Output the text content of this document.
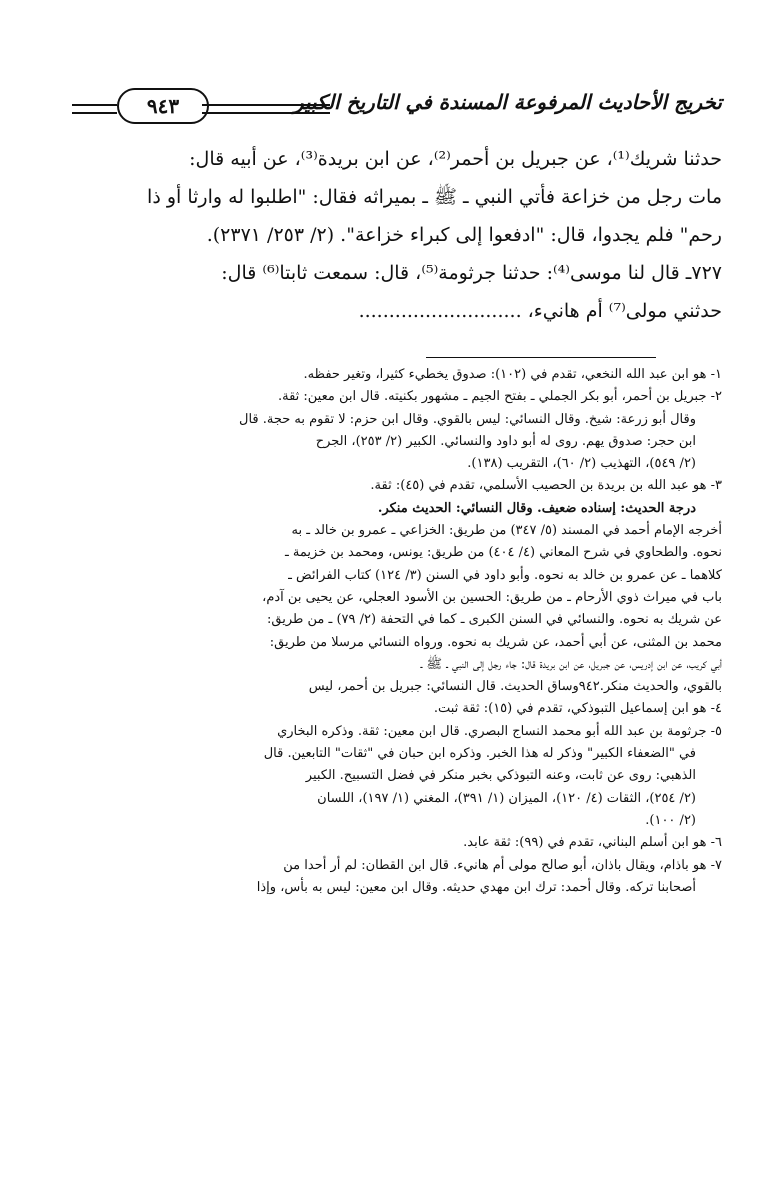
تخريج الأحاديث المرفوعة المسندة في التاريخ الكبير
٩٤٣

حدثنا شريك⁽¹⁾، عن جبريل بن أحمر⁽²⁾، عن ابن بريدة⁽³⁾، عن أبيه قال:

مات رجل من خزاعة فأتي النبي ـ ﷺ ـ بميراثه فقال: "اطلبوا له وارثا أو ذا

رحم" فلم يجدوا، قال: "ادفعوا إلى كبراء خزاعة". (٢/ ٢٥٣/ ٢٣٧١).

٧٢٧ـ قال لنا موسى⁽⁴⁾: حدثنا جرثومة⁽⁵⁾، قال: سمعت ثابتا⁽⁶⁾ قال:

حدثني مولى⁽⁷⁾ أم هانيء، ...........................

١- هو ابن عبد الله النخعي، تقدم في (١٠٢): صدوق يخطيء كثيرا، وتغير حفظه.

٢- جبريل بن أحمر، أبو بكر الجملي ـ بفتح الجيم ـ مشهور بكنيته. قال ابن معين: ثقة.

وقال أبو زرعة: شيخ. وقال النسائي: ليس بالقوي. وقال ابن حزم: لا تقوم به حجة. قال

ابن حجر: صدوق يهم. روى له أبو داود والنسائي. الكبير (٢/ ٢٥٣)، الجرح

(٢/ ٥٤٩)، التهذيب (٢/ ٦٠)، التقريب (١٣٨).

٣- هو عبد الله بن بريدة بن الحصيب الأسلمي، تقدم في (٤٥): ثقة.

درجة الحديث: إسناده ضعيف. وقال النسائي: الحديث منكر.

أخرجه الإمام أحمد في المسند (٥/ ٣٤٧) من طريق: الخزاعي ـ عمرو بن خالد ـ به

نحوه. والطحاوي في شرح المعاني (٤/ ٤٠٤) من طريق: يونس، ومحمد بن خزيمة ـ

كلاهما ـ عن عمرو بن خالد به نحوه. وأبو داود في السنن (٣/ ١٢٤) كتاب الفرائض ـ

باب في ميراث ذوي الأرحام ـ من طريق: الحسين بن الأسود العجلي، عن يحيى بن آدم،

عن شريك به نحوه. والنسائي في السنن الكبرى ـ كما في التحفة (٢/ ٧٩) ـ من طريق:

محمد بن المثنى، عن أبي أحمد، عن شريك به نحوه. ورواه النسائي مرسلا من طريق:

أبي كريب، عن ابن إدريس، عن جبريل، عن ابن بريدة قال: جاء رجل إلى النبي ـ ﷺ ـ

بالقوي، والحديث منكر.٩٤٢وساق الحديث. قال النسائي: جبريل بن أحمر، ليس

٤- هو ابن إسماعيل التبوذكي، تقدم في (١٥): ثقة ثبت.

٥- جرثومة بن عبد الله أبو محمد النساج البصري. قال ابن معين: ثقة. وذكره البخاري

في "الضعفاء الكبير" وذكر له هذا الخبر. وذكره ابن حبان في "ثقات" التابعين. قال

الذهبي: روى عن ثابت، وعنه التبوذكي بخبر منكر في فضل التسبيح. الكبير

(٢/ ٢٥٤)، الثقات (٤/ ١٢٠)، الميزان (١/ ٣٩١)، المغني (١/ ١٩٧)، اللسان

(٢/ ١٠٠).

٦- هو ابن أسلم البناني، تقدم في (٩٩): ثقة عابد.

٧- هو باذام، ويقال باذان، أبو صالح مولى أم هانيء. قال ابن القطان: لم أر أحدا من

أصحابنا تركه. وقال أحمد: ترك ابن مهدي حديثه. وقال ابن معين: ليس به بأس، وإذا
